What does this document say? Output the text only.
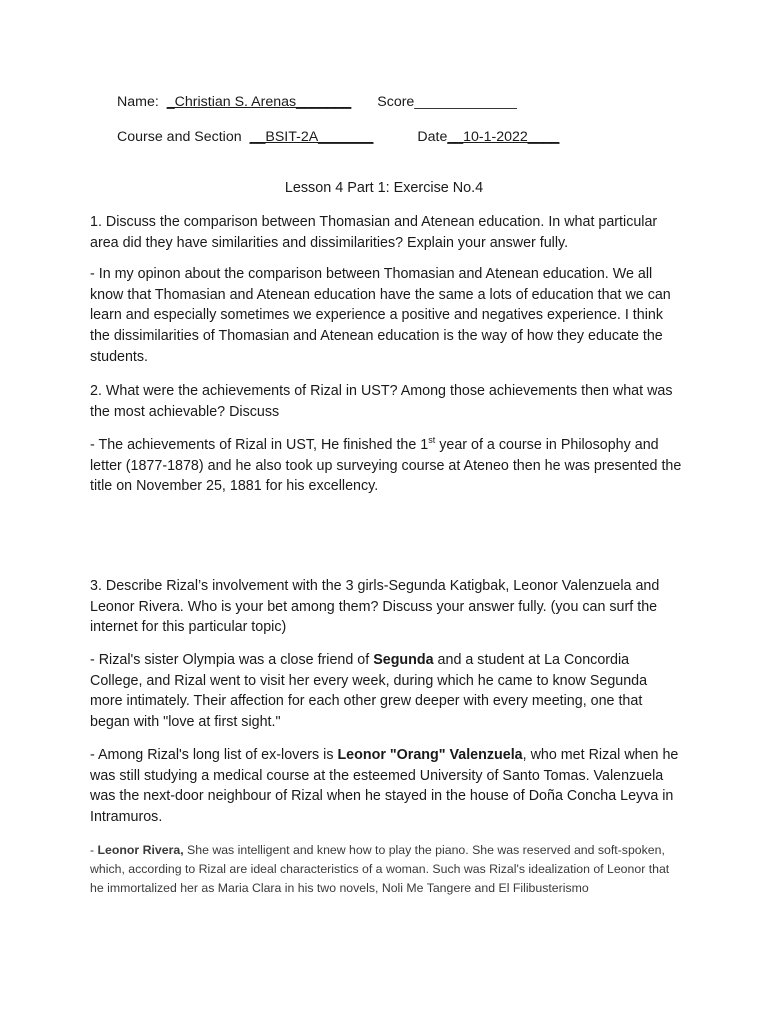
Name: _Christian S. Arenas_______ Score_____________
Course and Section __BSIT-2A_______	Date__10-1-2022____
Lesson 4 Part 1: Exercise No.4

1. Discuss the comparison between Thomasian and Atenean education. In what particular area did they have similarities and dissimilarities? Explain your answer fully.

- In my opinon about the comparison between Thomasian and Atenean education. We all know that Thomasian and Atenean education have the same a lots of education that we can learn and especially sometimes we experience a positive and negatives experience. I think the dissimilarities of Thomasian and Atenean education is the way of how they educate the students.

2. What were the achievements of Rizal in UST? Among those achievements then what was the most achievable? Discuss

- The achievements of Rizal in UST, He finished the 1st year of a course in Philosophy and letter (1877-1878) and he also took up surveying course at Ateneo then he was presented the title on November 25, 1881 for his excellency.

3. Describe Rizal’s involvement with the 3 girls-Segunda Katigbak, Leonor Valenzuela and Leonor Rivera. Who is your bet among them? Discuss your answer fully. (you can surf the internet for this particular topic)

- Rizal's sister Olympia was a close friend of Segunda and a student at La Concordia College, and Rizal went to visit her every week, during which he came to know Segunda more intimately. Their affection for each other grew deeper with every meeting, one that began with "love at first sight."

- Among Rizal's long list of ex-lovers is Leonor "Orang" Valenzuela, who met Rizal when he was still studying a medical course at the esteemed University of Santo Tomas. Valenzuela was the next-door neighbour of Rizal when he stayed in the house of Doña Concha Leyva in Intramuros.

- Leonor Rivera, She was intelligent and knew how to play the piano. She was reserved and soft-spoken, which, according to Rizal are ideal characteristics of a woman. Such was Rizal's idealization of Leonor that he immortalized her as Maria Clara in his two novels, Noli Me Tangere and El Filibusterismo
